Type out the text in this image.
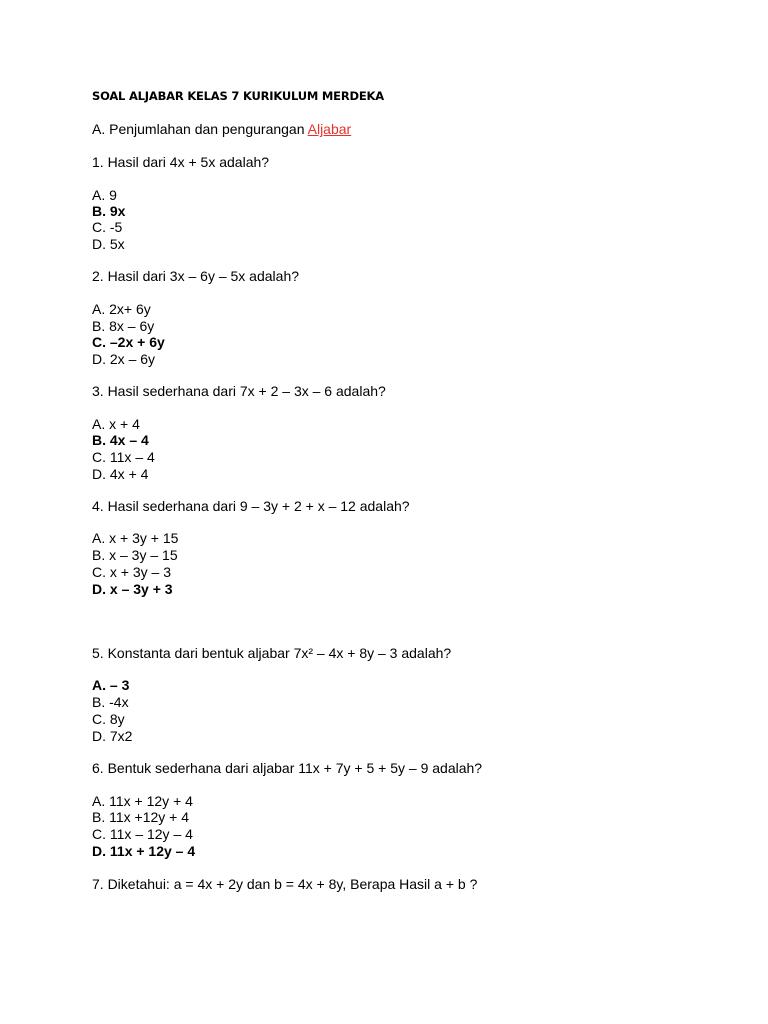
SOAL ALJABAR KELAS 7 KURIKULUM MERDEKA
A. Penjumlahan dan pengurangan Aljabar
1. Hasil dari 4x + 5x adalah?
A. 9
B. 9x
C. -5
D. 5x
2. Hasil dari 3x – 6y – 5x adalah?
A. 2x+ 6y
B. 8x – 6y
C. –2x + 6y
D. 2x – 6y
3. Hasil sederhana dari 7x + 2 – 3x – 6 adalah?
A. x + 4
B. 4x – 4
C. 11x – 4
D. 4x + 4
4. Hasil sederhana dari 9 – 3y + 2 + x – 12 adalah?
A. x + 3y + 15
B. x – 3y – 15
C. x + 3y – 3
D. x – 3y + 3
5. Konstanta dari bentuk aljabar 7x² – 4x + 8y – 3 adalah?
A. – 3
B. -4x
C. 8y
D. 7x2
6. Bentuk sederhana dari aljabar 11x + 7y + 5 + 5y – 9 adalah?
A. 11x + 12y + 4
B. 11x +12y + 4
C. 11x – 12y – 4
D. 11x + 12y – 4
7. Diketahui: a = 4x + 2y dan b = 4x + 8y, Berapa Hasil a + b ?
